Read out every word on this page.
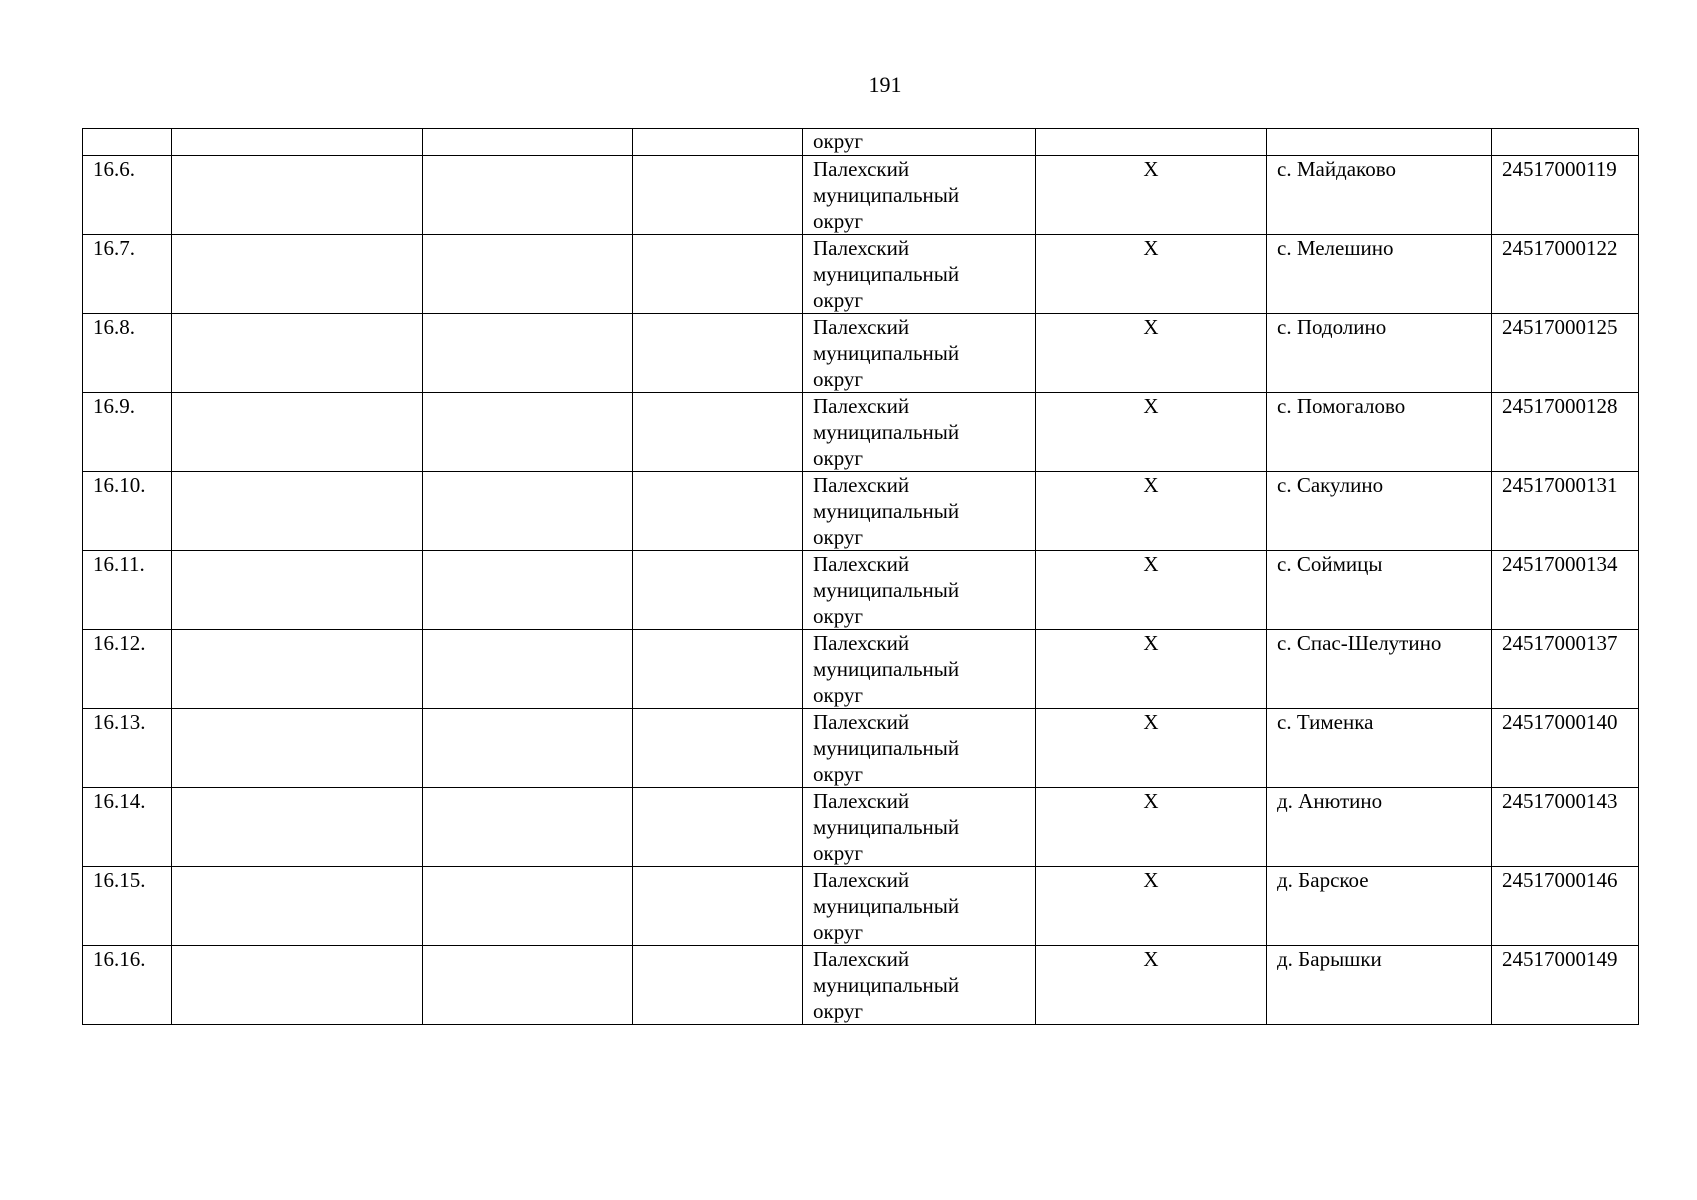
191
				округ			
16.6.				Палехский
муниципальный
округ	X	с. Майдаково	24517000119
16.7.				Палехский
муниципальный
округ	X	с. Мелешино	24517000122
16.8.				Палехский
муниципальный
округ	X	с. Подолино	24517000125
16.9.				Палехский
муниципальный
округ	X	с. Помогалово	24517000128
16.10.				Палехский
муниципальный
округ	X	с. Сакулино	24517000131
16.11.				Палехский
муниципальный
округ	X	с. Соймицы	24517000134
16.12.				Палехский
муниципальный
округ	X	с. Спас-Шелутино	24517000137
16.13.				Палехский
муниципальный
округ	X	с. Тименка	24517000140
16.14.				Палехский
муниципальный
округ	X	д. Анютино	24517000143
16.15.				Палехский
муниципальный
округ	X	д. Барское	24517000146
16.16.				Палехский
муниципальный
округ	X	д. Барышки	24517000149
